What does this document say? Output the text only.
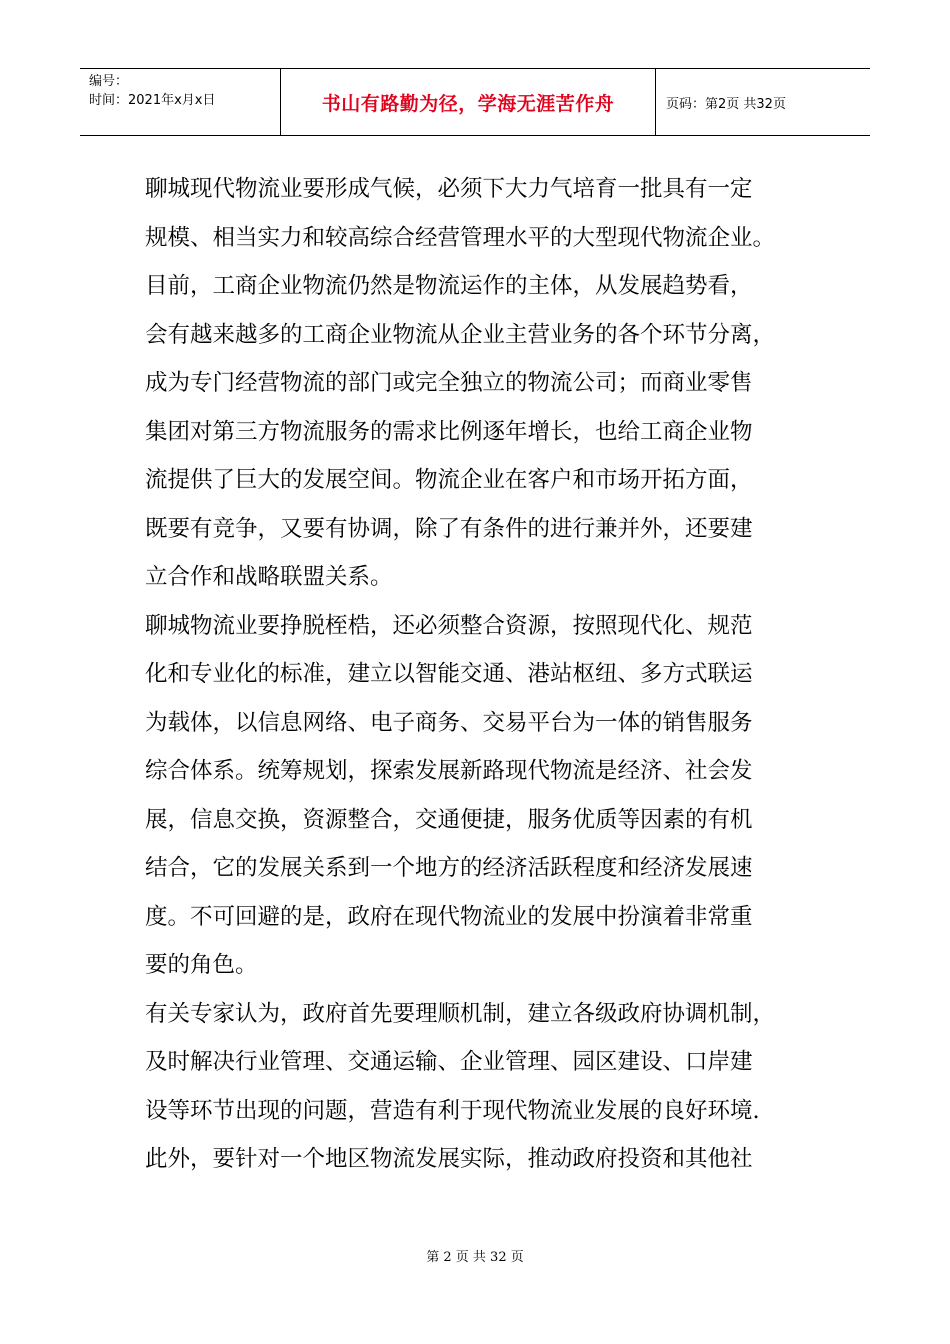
编号：
时间：2021年x月x日	书山有路勤为径，学海无涯苦作舟	页码：第2页 共32页
聊城现代物流业要形成气候，必须下大力气培育一批具有一定
规模、相当实力和较高综合经营管理水平的大型现代物流企业。
目前，工商企业物流仍然是物流运作的主体，从发展趋势看，
会有越来越多的工商企业物流从企业主营业务的各个环节分离，
成为专门经营物流的部门或完全独立的物流公司；而商业零售
集团对第三方物流服务的需求比例逐年增长，也给工商企业物
流提供了巨大的发展空间。物流企业在客户和市场开拓方面，
既要有竞争，又要有协调，除了有条件的进行兼并外，还要建
立合作和战略联盟关系。
聊城物流业要挣脱桎梏，还必须整合资源，按照现代化、规范
化和专业化的标准，建立以智能交通、港站枢纽、多方式联运
为载体，以信息网络、电子商务、交易平台为一体的销售服务
综合体系。统筹规划，探索发展新路现代物流是经济、社会发
展，信息交换，资源整合，交通便捷，服务优质等因素的有机
结合，它的发展关系到一个地方的经济活跃程度和经济发展速
度。不可回避的是，政府在现代物流业的发展中扮演着非常重
要的角色。
有关专家认为，政府首先要理顺机制，建立各级政府协调机制，
及时解决行业管理、交通运输、企业管理、园区建设、口岸建
设等环节出现的问题，营造有利于现代物流业发展的良好环境.
此外，要针对一个地区物流发展实际，推动政府投资和其他社
第 2 页 共 32 页
